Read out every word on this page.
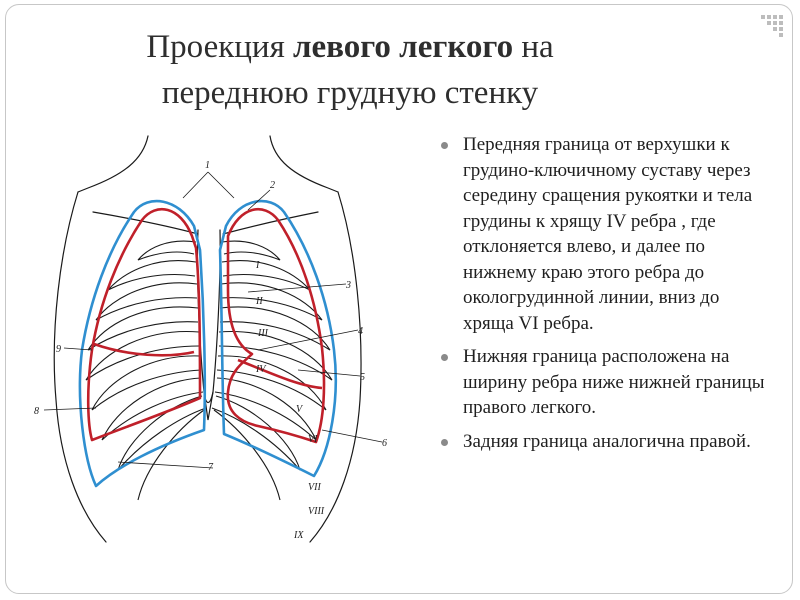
Проекция левого легкого на
переднюю грудную стенку
1
2
3
4
5
6
7
8
9
I
II
III
IV
V
VI
VII
VIII
IX
Передняя граница от верхушки к грудино-ключичному суставу через середину сращения рукоятки и тела грудины к хрящу IV ребра , где отклоняется влево, и далее по нижнему краю этого ребра до окологрудинной линии, вниз до хряща VI ребра.
Нижняя граница расположена на ширину ребра ниже нижней границы правого легкого.
Задняя граница аналогична правой.
